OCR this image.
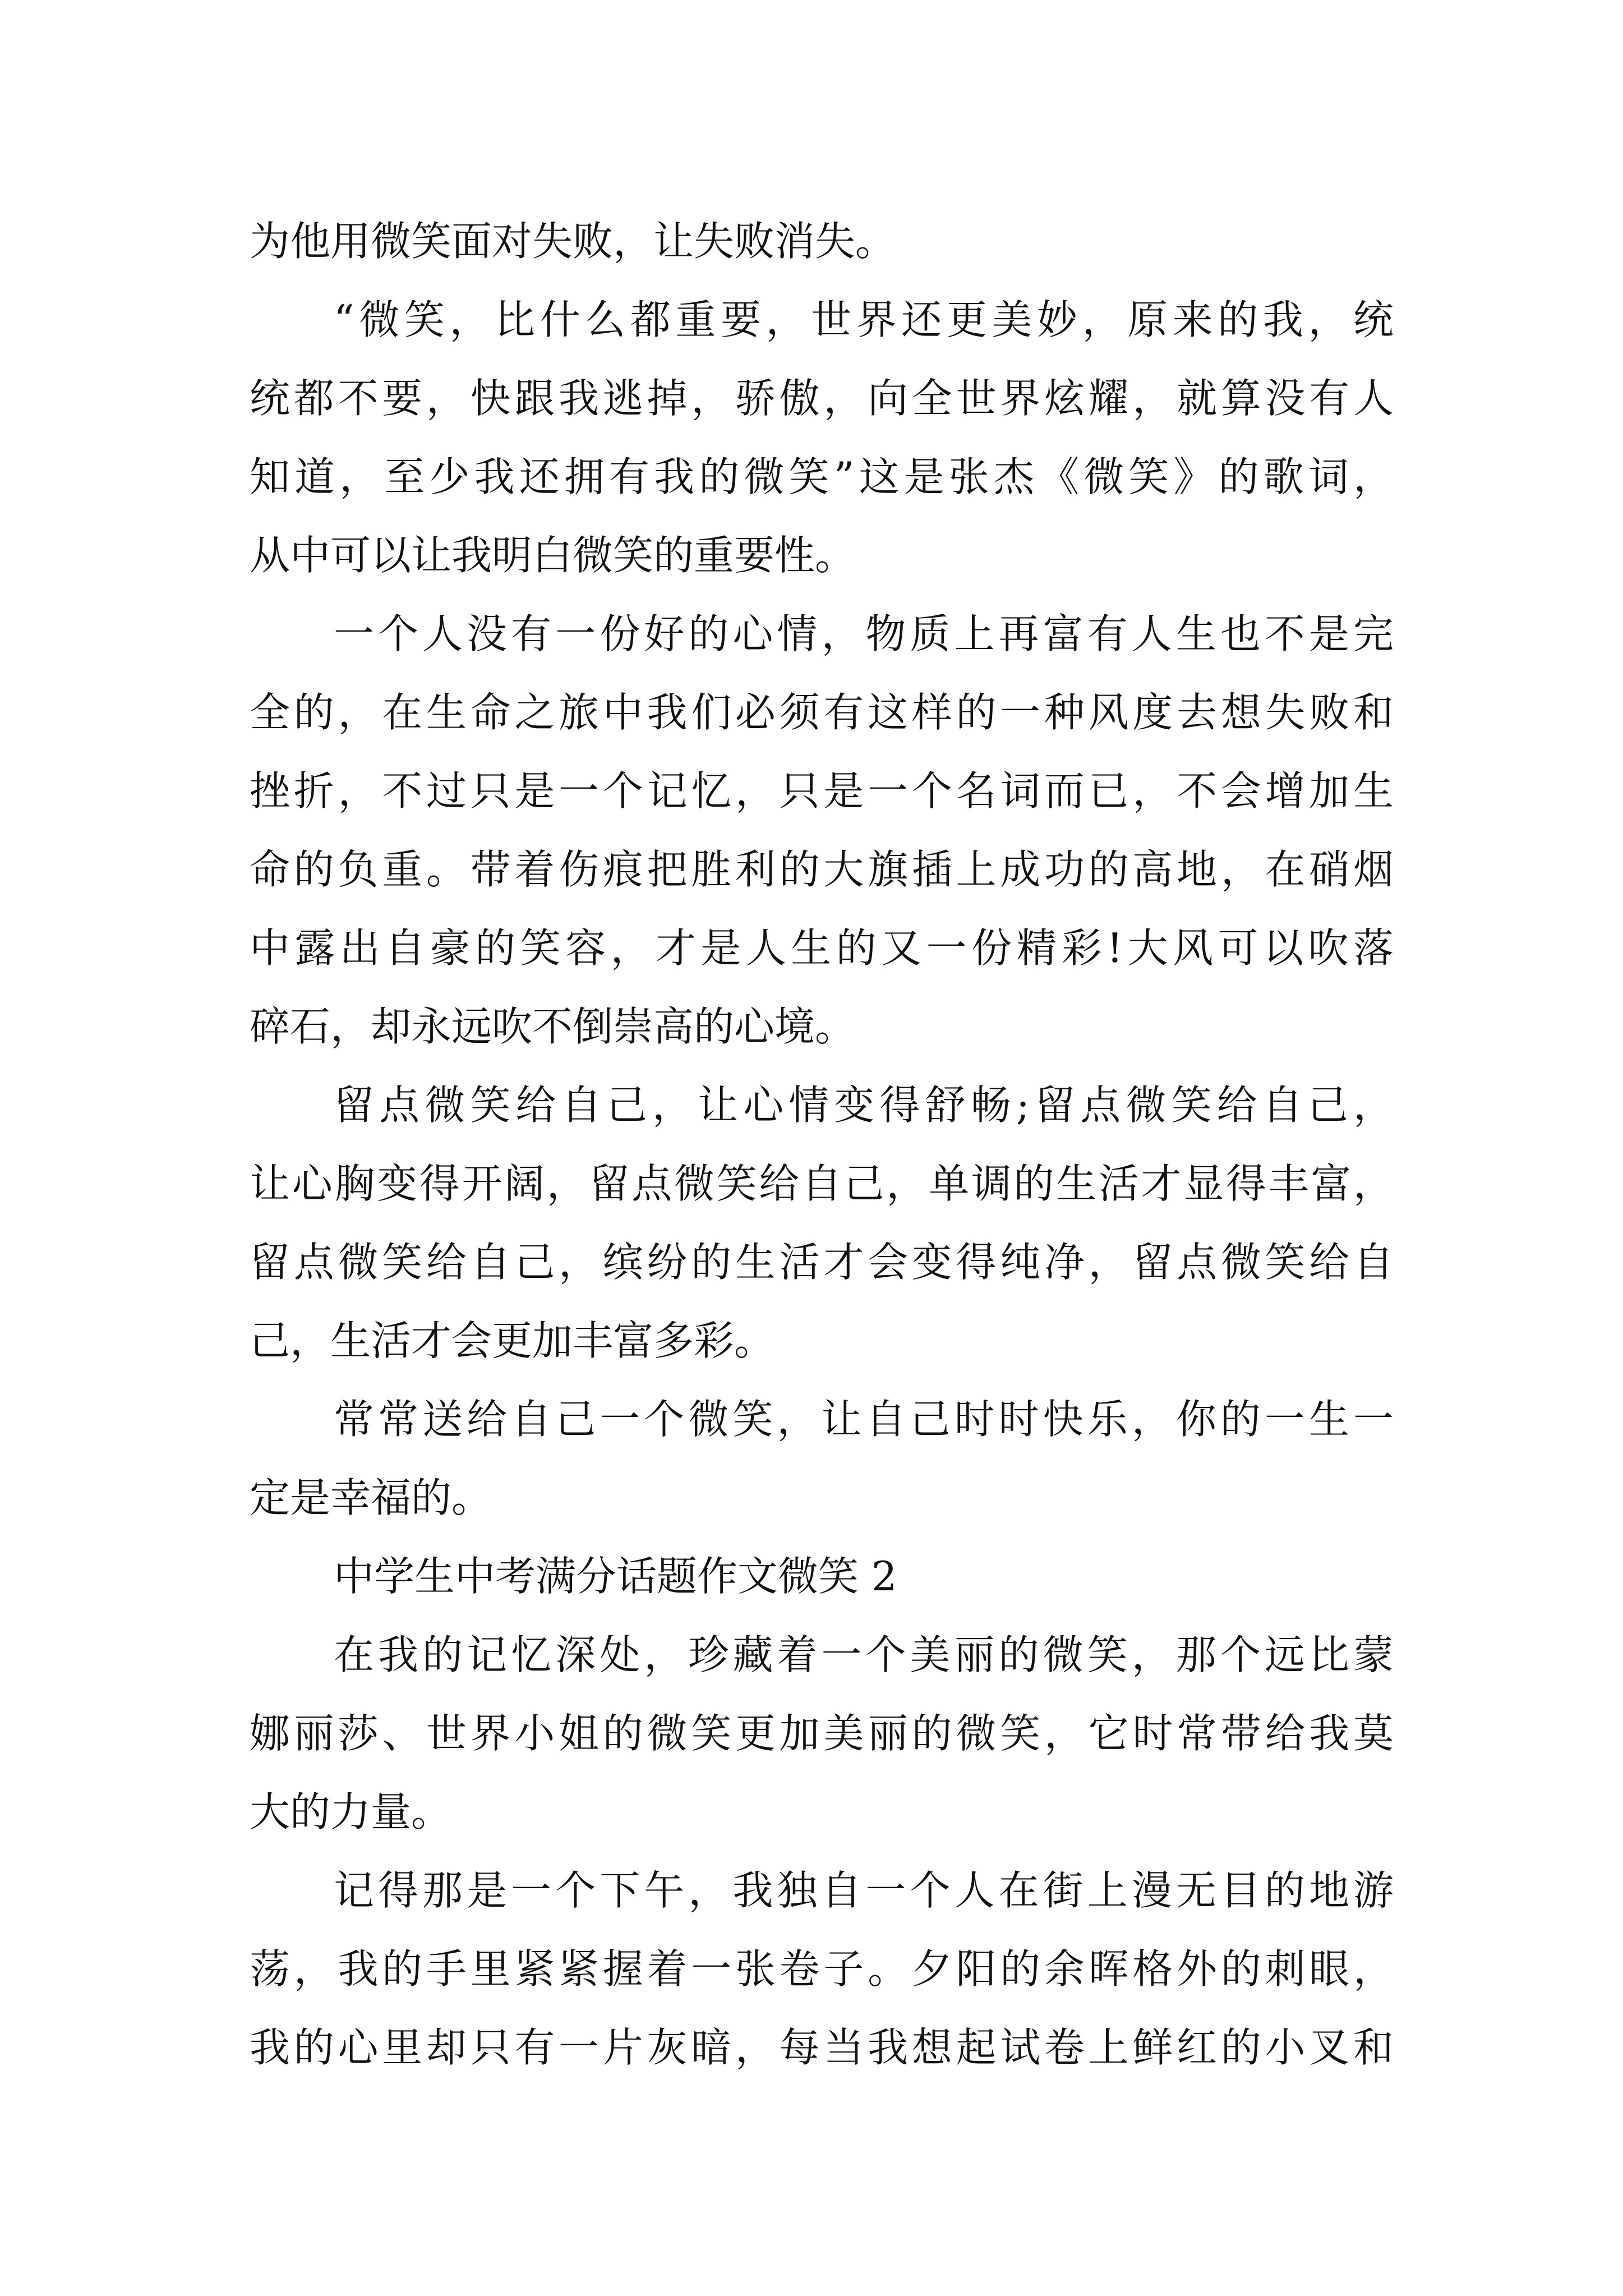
为他用微笑面对失败，让失败消失。
“微笑，比什么都重要，世界还更美妙，原来的我，统
统都不要，快跟我逃掉，骄傲，向全世界炫耀，就算没有人
知道，至少我还拥有我的微笑”这是张杰《微笑》的歌词，
从中可以让我明白微笑的重要性。
一个人没有一份好的心情，物质上再富有人生也不是完
全的，在生命之旅中我们必须有这样的一种风度去想失败和
挫折，不过只是一个记忆，只是一个名词而已，不会增加生
命的负重。带着伤痕把胜利的大旗插上成功的高地，在硝烟
中露出自豪的笑容，才是人生的又一份精彩!大风可以吹落
碎石，却永远吹不倒崇高的心境。
留点微笑给自己，让心情变得舒畅;留点微笑给自己，
让心胸变得开阔，留点微笑给自己，单调的生活才显得丰富，
留点微笑给自己，缤纷的生活才会变得纯净，留点微笑给自
己，生活才会更加丰富多彩。
常常送给自己一个微笑，让自己时时快乐，你的一生一
定是幸福的。
中学生中考满分话题作文微笑 2
在我的记忆深处，珍藏着一个美丽的微笑，那个远比蒙
娜丽莎、世界小姐的微笑更加美丽的微笑，它时常带给我莫
大的力量。
记得那是一个下午，我独自一个人在街上漫无目的地游
荡，我的手里紧紧握着一张卷子。夕阳的余晖格外的刺眼，
我的心里却只有一片灰暗，每当我想起试卷上鲜红的小叉和
